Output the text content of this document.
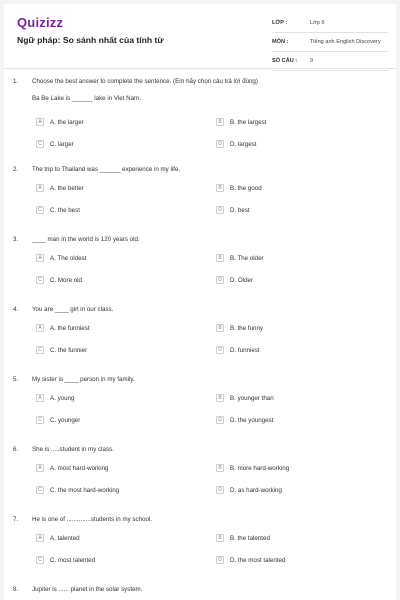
Quizizz
Ngữ pháp: So sánh nhất của tính từ
LỚP :	Lớp 6
MÔN :	Tiếng anh English Discovery
SỐ CÂU :	9
1. Choose the best answer to complete the sentence. (Em hãy chọn câu trả lời đúng)
Ba Be Lake is ______ lake in Viet Nam.
A	A. the larger	B	B. the largest
C	C. larger	D	D. largest
2. The trip to Thailand was ______ experience in my life.
A	A. the better	B	B. the good
C	C. the best	D	D. best
3. ____ man in the world is 120 years old.
A	A. The oldest	B	B. The older
C	C. More old	D	D. Older
4. You are ____ girl in our class.
A	A. the funniest	B	B. the funny
C	C. the funnier	D	D. funniest
5. My sister is ____ person in my family.
A	A. young	B	B. younger than
C	C. younger	D	D. the youngest
6. She is .....student in my class.
A	A. most hard-working	B	B. more hard-working
C	C. the most hard-working	D	D. as hard-working
7. He is one of ..............students in my school.
A	A. talented	B	B. the talented
C	C. most talented	D	D. the most talented
8. Jupiter is ...... planet in the solar system.
